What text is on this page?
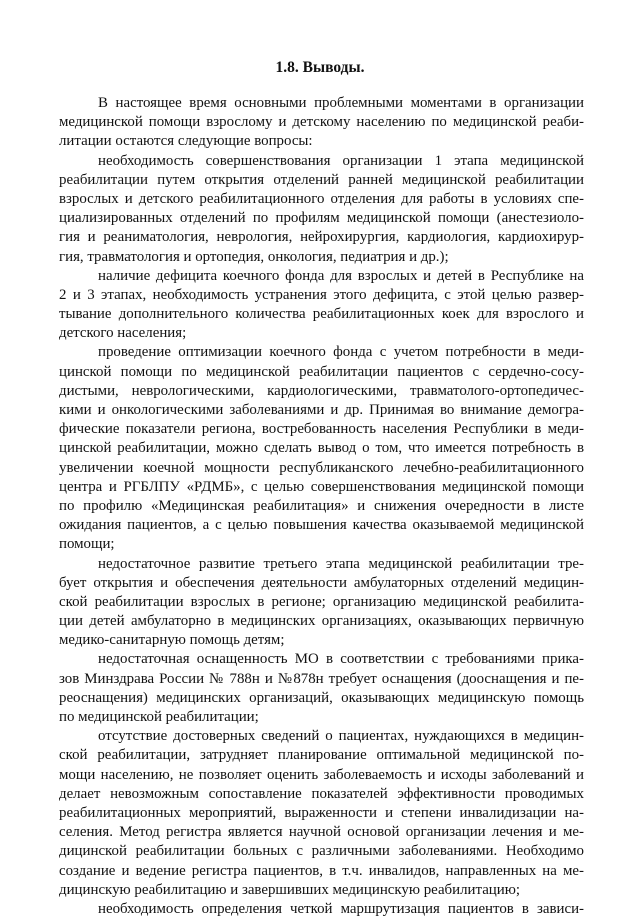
1.8. Выводы.
В настоящее время основными проблемными моментами в организации
медицинской помощи взрослому и детскому населению по медицинской реаби-
литации остаются следующие вопросы:
необходимость совершенствования организации 1 этапа медицинской
реабилитации путем открытия отделений ранней медицинской реабилитации
взрослых и детского реабилитационного отделения для работы в условиях спе-
циализированных отделений по профилям медицинской помощи (анестезиоло-
гия и реаниматология, неврология, нейрохирургия, кардиология, кардиохирур-
гия, травматология и ортопедия, онкология, педиатрия и др.);
наличие дефицита коечного фонда для взрослых и детей в Республике на
2 и 3 этапах, необходимость устранения этого дефицита, с этой целью развер-
тывание дополнительного количества реабилитационных коек для взрослого и
детского населения;
проведение оптимизации коечного фонда с учетом потребности в меди-
цинской помощи по медицинской реабилитации пациентов с сердечно-сосу-
дистыми, неврологическими, кардиологическими, травматолого-ортопедичес-
кими и онкологическими заболеваниями и др. Принимая во внимание демогра-
фические показатели региона, востребованность населения Республики в меди-
цинской реабилитации, можно сделать вывод о том, что имеется потребность в
увеличении коечной мощности республиканского лечебно-реабилитационного
центра и РГБЛПУ «РДМБ», с целью совершенствования медицинской помощи
по профилю «Медицинская реабилитация» и снижения очередности в листе
ожидания пациентов, а с целью повышения качества оказываемой медицинской
помощи;
недостаточное развитие третьего этапа медицинской реабилитации тре-
бует открытия и обеспечения деятельности амбулаторных отделений медицин-
ской реабилитации взрослых в регионе; организацию медицинской реабилита-
ции детей амбулаторно в медицинских организациях, оказывающих первичную
медико-санитарную помощь детям;
недостаточная оснащенность МО в соответствии с требованиями прика-
зов Минздрава России № 788н и №878н требует оснащения (дооснащения и пе-
реоснащения) медицинских организаций, оказывающих медицинскую помощь
по медицинской реабилитации;
отсутствие достоверных сведений о пациентах, нуждающихся в медицин-
ской реабилитации, затрудняет планирование оптимальной медицинской по-
мощи населению, не позволяет оценить заболеваемость и исходы заболеваний и
делает невозможным сопоставление показателей эффективности проводимых
реабилитационных мероприятий, выраженности и степени инвалидизации на-
селения. Метод регистра является научной основой организации лечения и ме-
дицинской реабилитации больных с различными заболеваниями. Необходимо
создание и ведение регистра пациентов, в т.ч. инвалидов, направленных на ме-
дицинскую реабилитацию и завершивших медицинскую реабилитацию;
необходимость определения четкой маршрутизация пациентов в зависи-
